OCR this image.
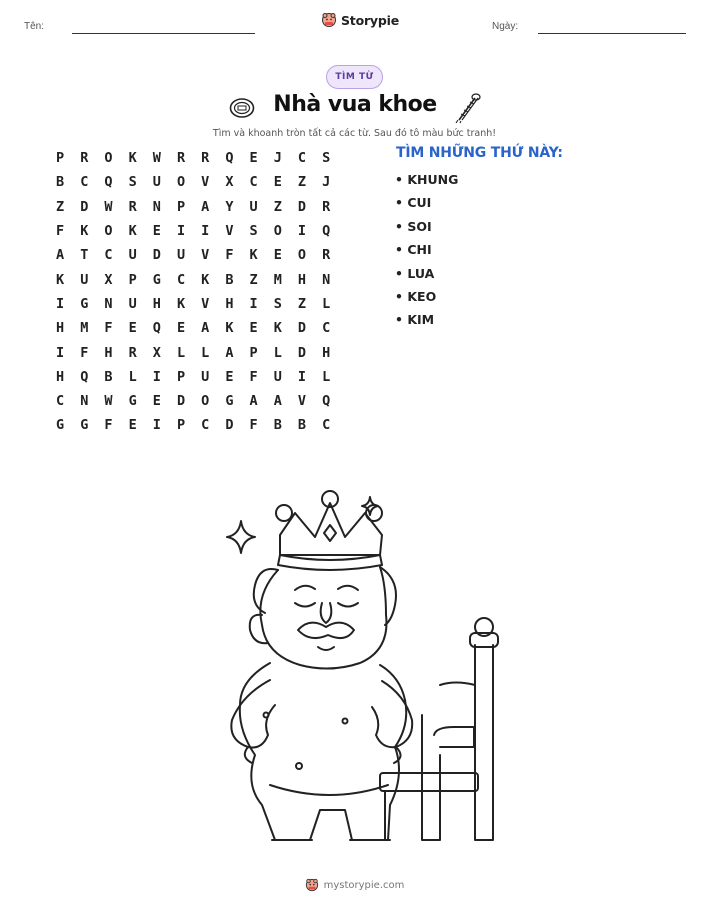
Tên:	Storypie	Ngày:
TÌM TỪ
Nhà vua khoe
Tìm và khoanh tròn tất cả các từ. Sau đó tô màu bức tranh!
P	R	O	K	W	R	R	Q	E	J	C	S
B	C	Q	S	U	O	V	X	C	E	Z	J
Z	D	W	R	N	P	A	Y	U	Z	D	R
F	K	O	K	E	I	I	V	S	O	I	Q
A	T	C	U	D	U	V	F	K	E	O	R
K	U	X	P	G	C	K	B	Z	M	H	N
I	G	N	U	H	K	V	H	I	S	Z	L
H	M	F	E	Q	E	A	K	E	K	D	C
I	F	H	R	X	L	L	A	P	L	D	H
H	Q	B	L	I	P	U	E	F	U	I	L
C	N	W	G	E	D	O	G	A	A	V	Q
G	G	F	E	I	P	C	D	F	B	B	C
TÌM NHỮNG THỨ NÀY:
• KHUNG
• CUI
• SOI
• CHI
• LUA
• KEO
• KIM
mystorypie.com
